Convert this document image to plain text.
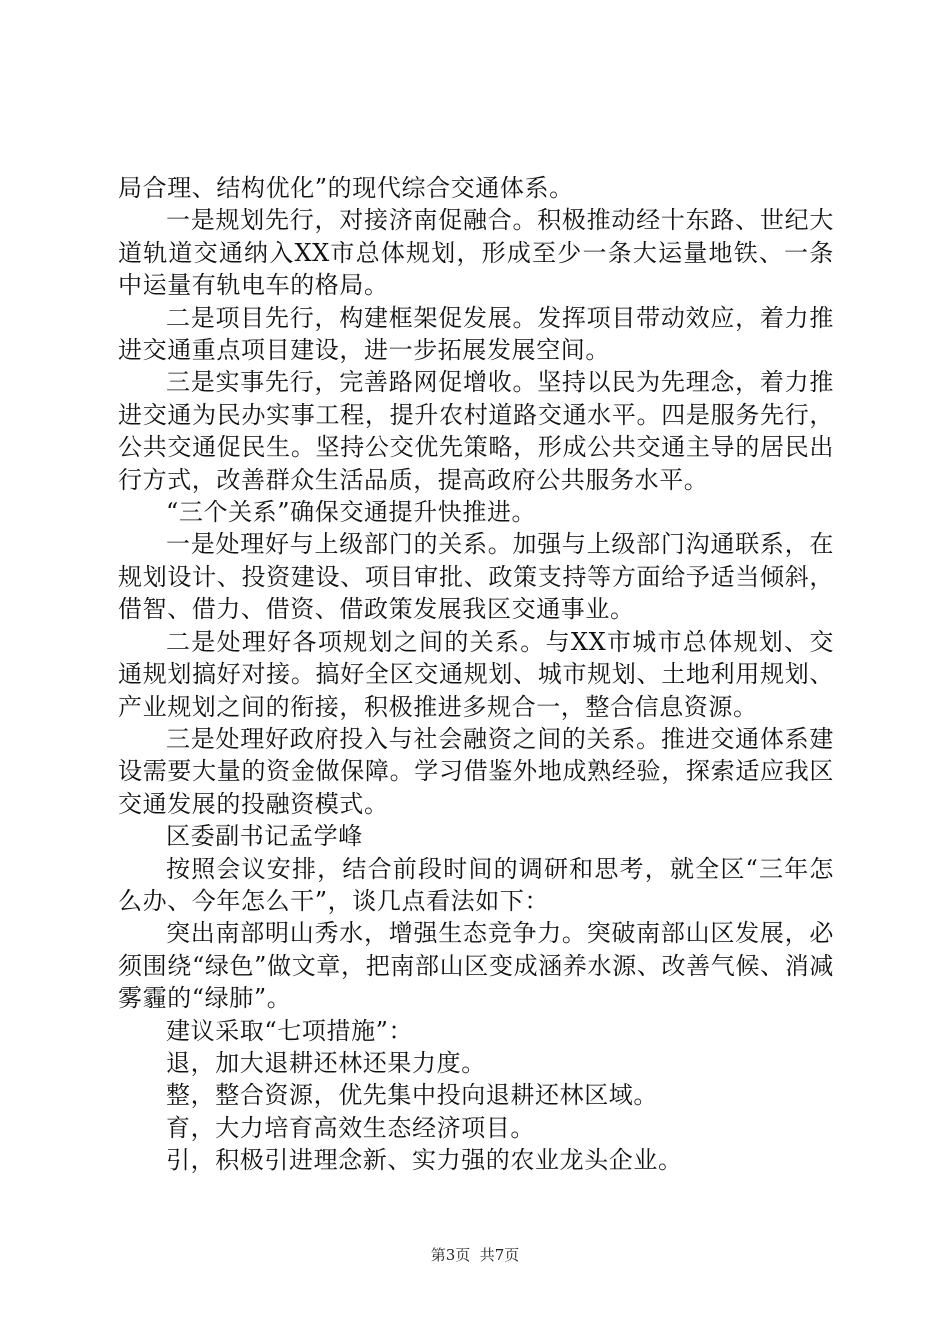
局合理、结构优化”的现代综合交通体系。

一是规划先行，对接济南促融合。积极推动经十东路、世纪大道轨道交通纳入XX市总体规划，形成至少一条大运量地铁、一条中运量有轨电车的格局。

二是项目先行，构建框架促发展。发挥项目带动效应，着力推进交通重点项目建设，进一步拓展发展空间。

三是实事先行，完善路网促增收。坚持以民为先理念，着力推进交通为民办实事工程，提升农村道路交通水平。四是服务先行，公共交通促民生。坚持公交优先策略，形成公共交通主导的居民出行方式，改善群众生活品质，提高政府公共服务水平。

“三个关系”确保交通提升快推进。

一是处理好与上级部门的关系。加强与上级部门沟通联系，在规划设计、投资建设、项目审批、政策支持等方面给予适当倾斜，借智、借力、借资、借政策发展我区交通事业。

二是处理好各项规划之间的关系。与XX市城市总体规划、交通规划搞好对接。搞好全区交通规划、城市规划、土地利用规划、产业规划之间的衔接，积极推进多规合一，整合信息资源。

三是处理好政府投入与社会融资之间的关系。推进交通体系建设需要大量的资金做保障。学习借鉴外地成熟经验，探索适应我区交通发展的投融资模式。

区委副书记孟学峰

按照会议安排，结合前段时间的调研和思考，就全区“三年怎么办、今年怎么干”，谈几点看法如下：

突出南部明山秀水，增强生态竞争力。突破南部山区发展，必须围绕“绿色”做文章，把南部山区变成涵养水源、改善气候、消减雾霾的“绿肺”。

建议采取“七项措施”：

退，加大退耕还林还果力度。

整，整合资源，优先集中投向退耕还林区域。

育，大力培育高效生态经济项目。

引，积极引进理念新、实力强的农业龙头企业。

第3页  共7页
